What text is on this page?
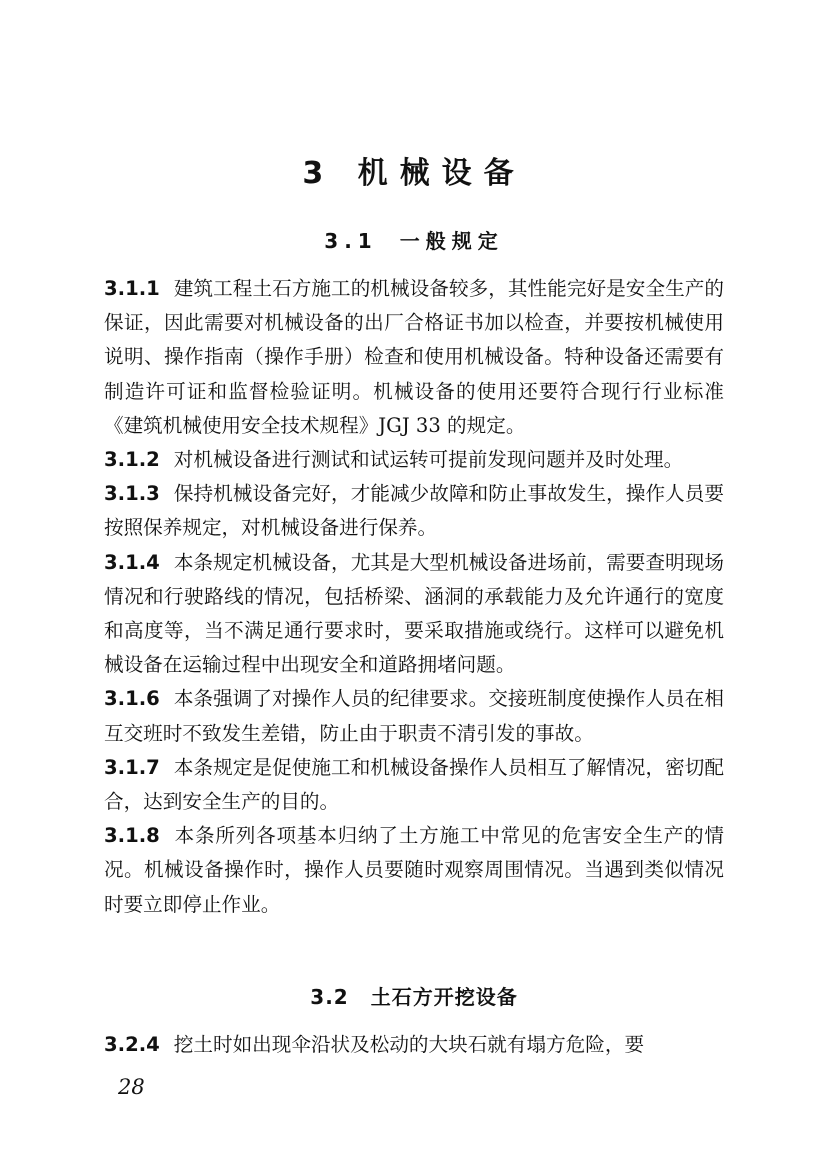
3 机械设备
3.1 一般规定

3.1.1 建筑工程土石方施工的机械设备较多，其性能完好是安全生产的保证，因此需要对机械设备的出厂合格证书加以检查，并要按机械使用说明、操作指南（操作手册）检查和使用机械设备。特种设备还需要有制造许可证和监督检验证明。机械设备的使用还要符合现行行业标准《建筑机械使用安全技术规程》JGJ 33 的规定。

3.1.2 对机械设备进行测试和试运转可提前发现问题并及时处理。

3.1.3 保持机械设备完好，才能减少故障和防止事故发生，操作人员要按照保养规定，对机械设备进行保养。

3.1.4 本条规定机械设备，尤其是大型机械设备进场前，需要查明现场情况和行驶路线的情况，包括桥梁、涵洞的承载能力及允许通行的宽度和高度等，当不满足通行要求时，要采取措施或绕行。这样可以避免机械设备在运输过程中出现安全和道路拥堵问题。

3.1.6 本条强调了对操作人员的纪律要求。交接班制度使操作人员在相互交班时不致发生差错，防止由于职责不清引发的事故。

3.1.7 本条规定是促使施工和机械设备操作人员相互了解情况，密切配合，达到安全生产的目的。

3.1.8 本条所列各项基本归纳了土方施工中常见的危害安全生产的情况。机械设备操作时，操作人员要随时观察周围情况。当遇到类似情况时要立即停止作业。

3.2 土石方开挖设备

3.2.4 挖土时如出现伞沿状及松动的大块石就有塌方危险，要

28
